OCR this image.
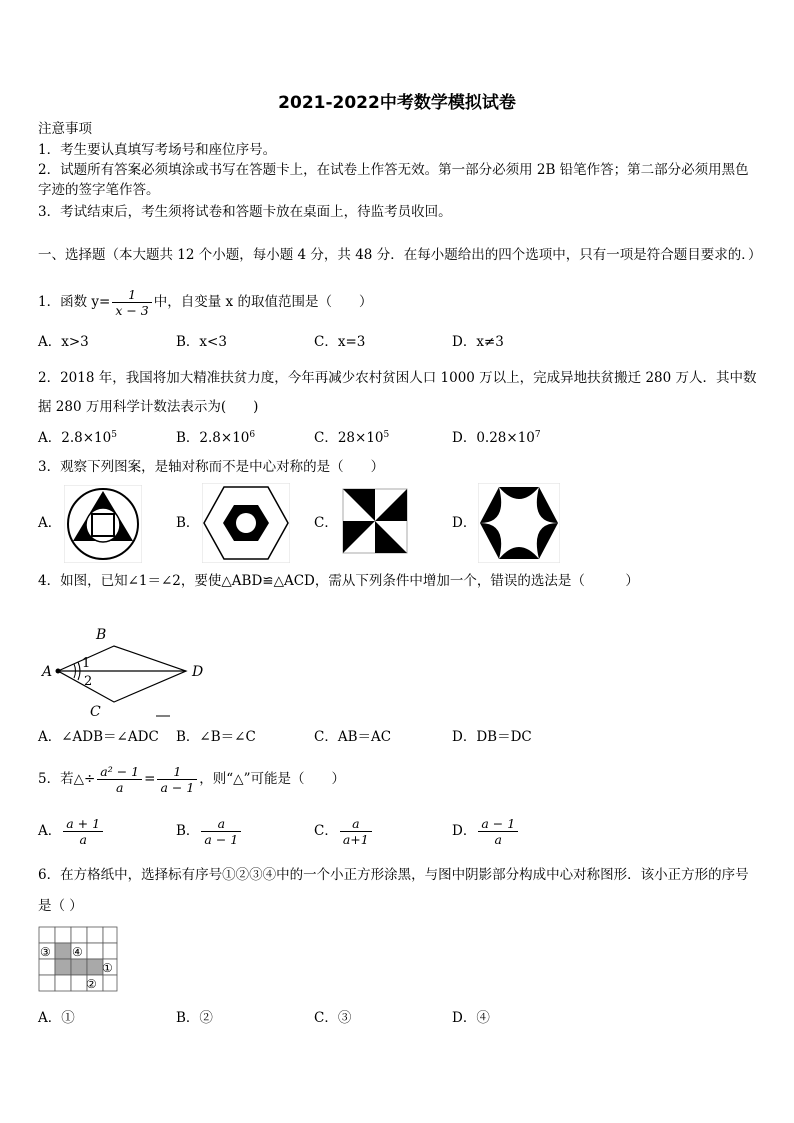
2021-2022中考数学模拟试卷
注意事项
1．考生要认真填写考场号和座位序号。
2．试题所有答案必须填涂或书写在答题卡上，在试卷上作答无效。第一部分必须用 2B 铅笔作答；第二部分必须用黑色字迹的签字笔作答。
3．考试结束后，考生须将试卷和答题卡放在桌面上，待监考员收回。
一、选择题（本大题共 12 个小题，每小题 4 分，共 48 分．在每小题给出的四个选项中，只有一项是符合题目要求的．）
1．函数 $y= \frac{1}{x - 3}$ 中，自变量 x 的取值范围是（　　）
A．x>3	B．x<3	C．x=3	D．x≠3
2．2018 年，我国将加大精准扶贫力度，今年再减少农村贫困人口 1000 万以上，完成异地扶贫搬迁 280 万人．其中数据 280 万用科学计数法表示为(　　)
A．$2.8\times 10^5$	B．$2.8\times 10^6$	C．$28\times 10^5$	D．$0.28\times 10^7$
3．观察下列图案，是轴对称而不是中心对称的是（　　）
A．	B．	C．	D．
4．如图，已知∠1＝∠2，要使△ABD≌△ACD，需从下列条件中增加一个，错误的选法是（　　　）
A
B
C
D
1
2
A．∠ADB＝∠ADC B．∠B＝∠C	C．AB＝AC	D．DB＝DC
5．若△÷ $\frac{\text{a² − 1}}{a} = \frac{1}{a - 1}$ ，则“△”可能是（　　）
A． $\frac{a + 1}{a}$	B． $\frac{a}{a - 1}$	C． $\frac{a}{a+1}$	D． $\frac{a - 1}{a}$
6．在方格纸中，选择标有序号①②③④中的一个小正方形涂黑，与图中阴影部分构成中心对称图形．该小正方形的序号是（ ）
③ ④
①
②
A．①	B．②	C．③	D．④
